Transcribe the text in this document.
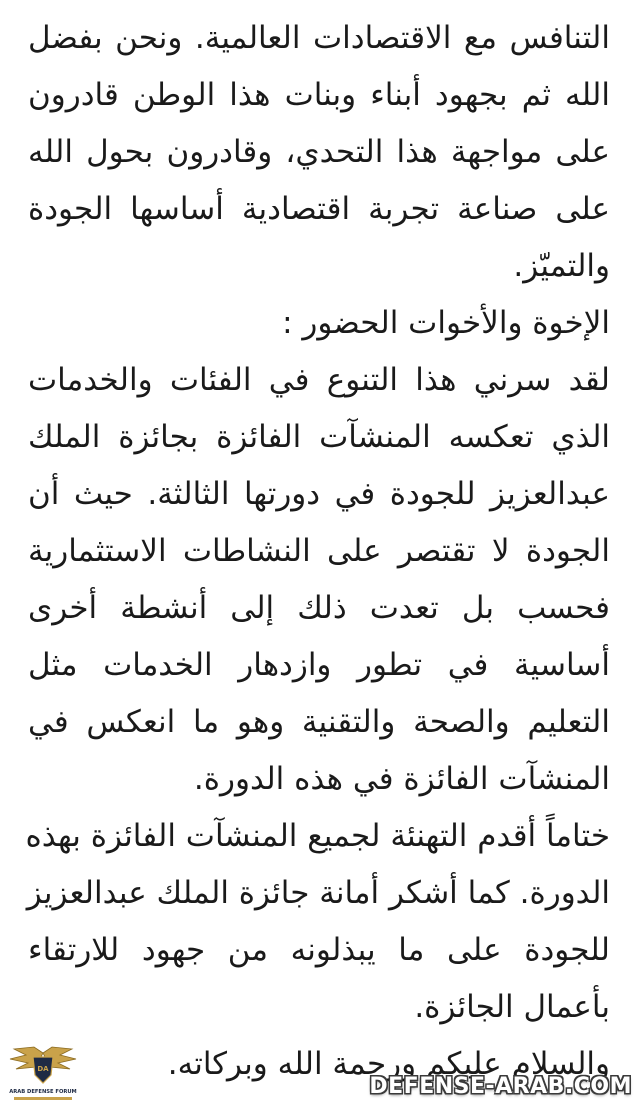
التنافس مع الاقتصادات العالمية. ونحن بفضل
الله ثم بجهود أبناء وبنات هذا الوطن قادرون
على مواجهة هذا التحدي، وقادرون بحول الله
على صناعة تجربة اقتصادية أساسها الجودة
والتميّز.
الإخوة والأخوات الحضور :
لقد سرني هذا التنوع في الفئات والخدمات
الذي تعكسه المنشآت الفائزة بجائزة الملك
عبدالعزيز للجودة في دورتها الثالثة. حيث أن
الجودة لا تقتصر على النشاطات الاستثمارية
فحسب بل تعدت ذلك إلى أنشطة أخرى
أساسية في تطور وازدهار الخدمات مثل
التعليم والصحة والتقنية وهو ما انعكس في
المنشآت الفائزة في هذه الدورة.
ختاماً أقدم التهنئة لجميع المنشآت الفائزة بهذه
الدورة. كما أشكر أمانة جائزة الملك عبدالعزيز
للجودة على ما يبذلونه من جهود للارتقاء
بأعمال الجائزة.
والسلام عليكم ورحمة الله وبركاته.
DA
ARAB DEFENSE FORUM	DEFENSE-ARAB.COM
